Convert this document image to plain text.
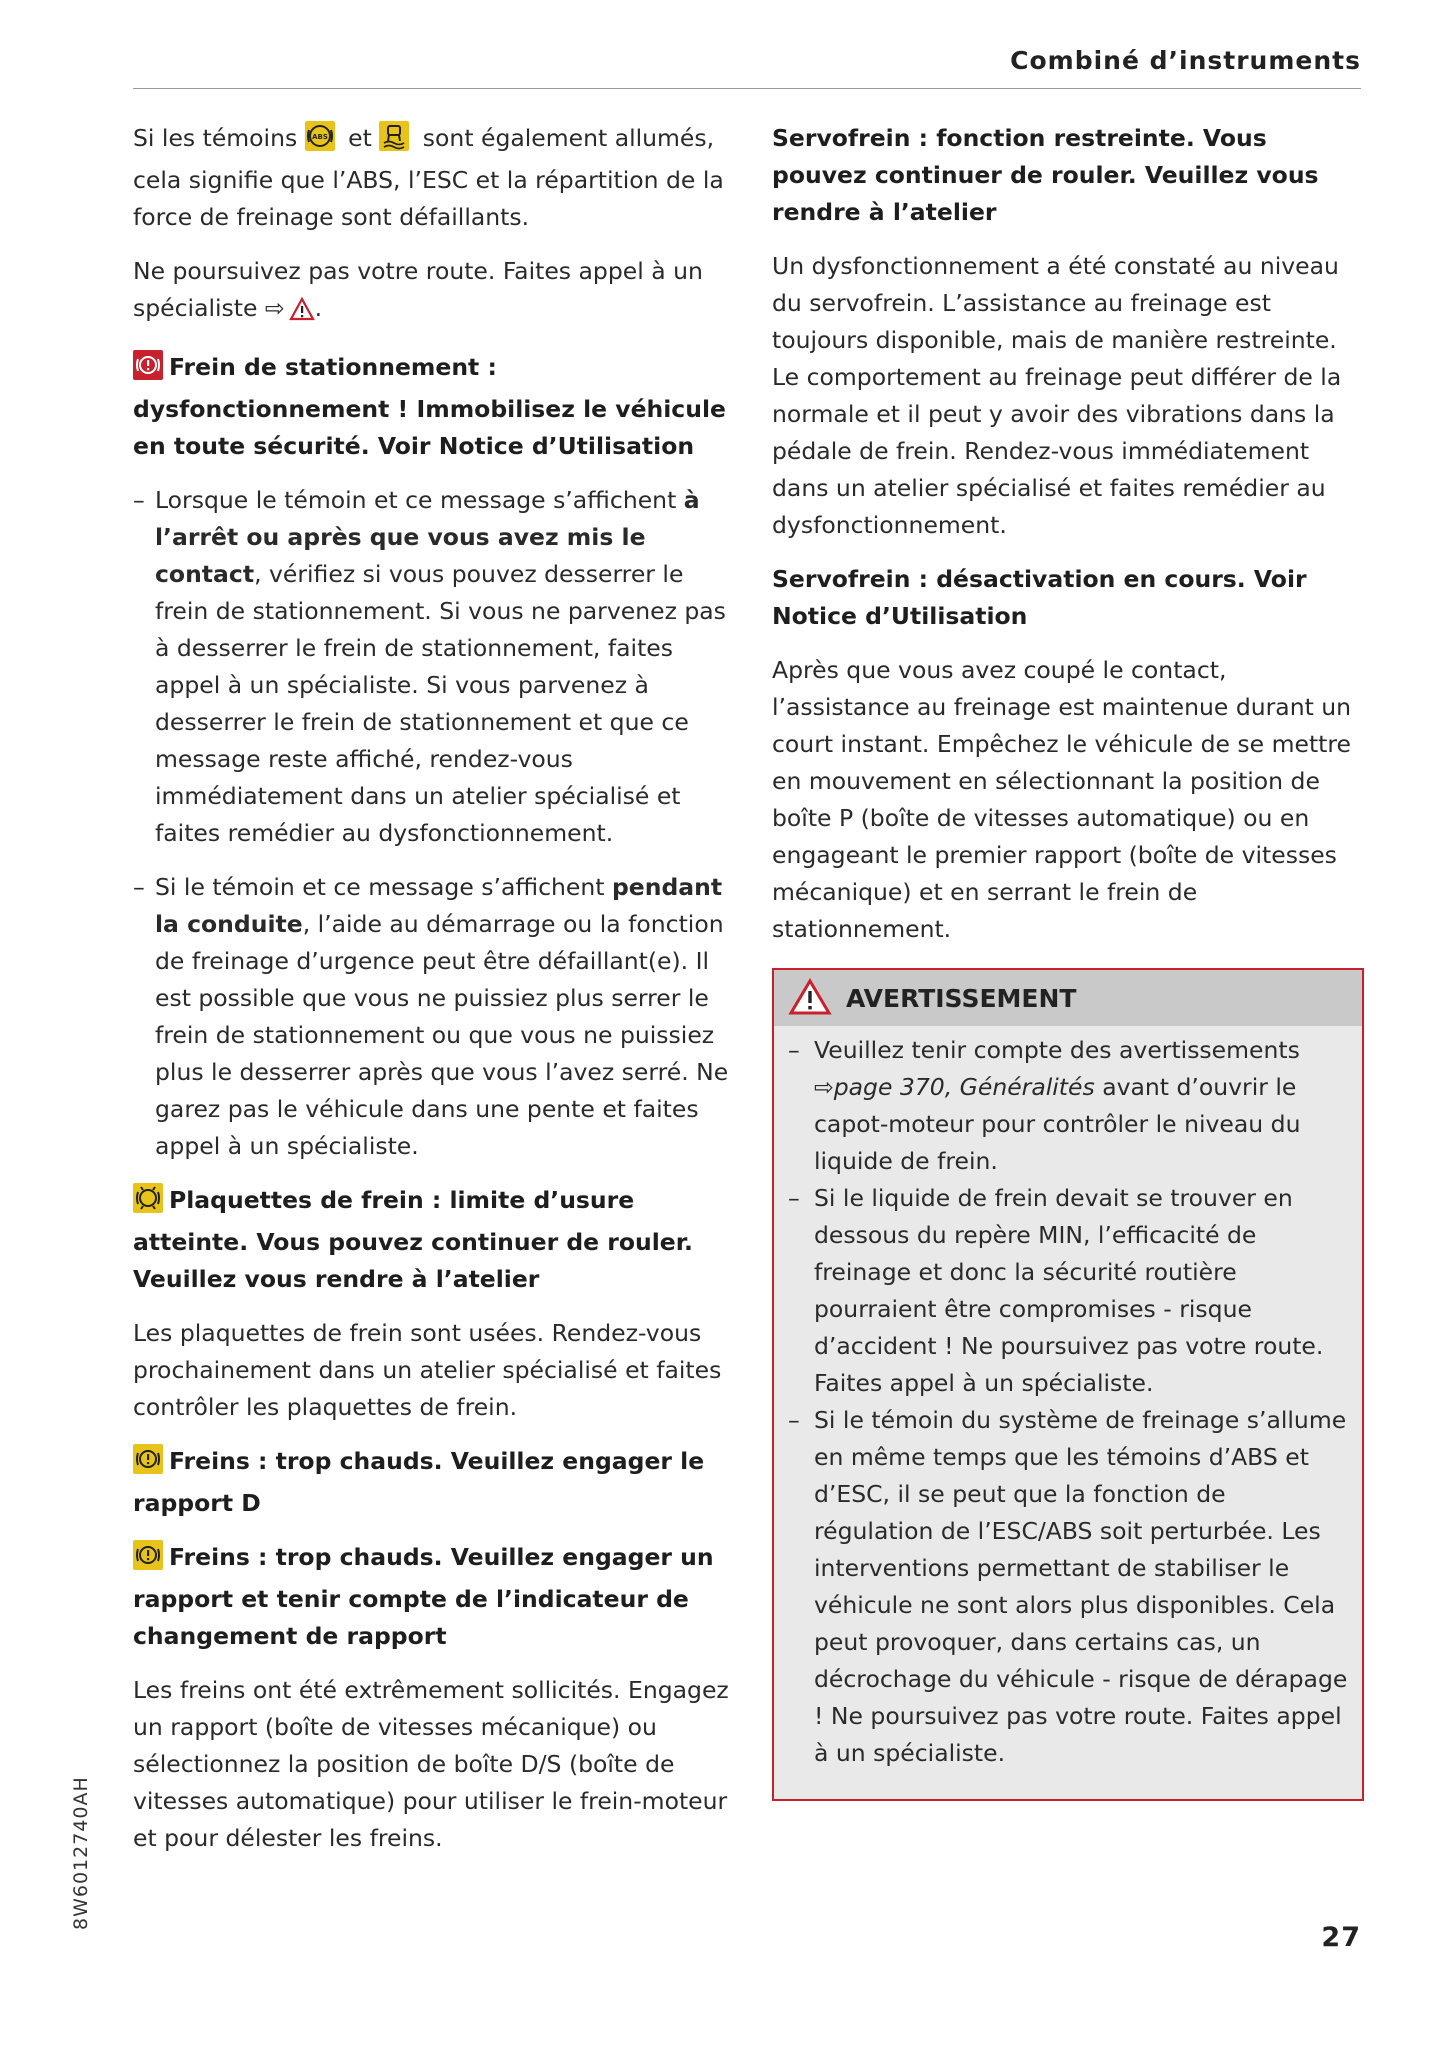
Combiné d’instruments

Si les témoins ABS et  sont également allumés, cela signifie que l’ABS, l’ESC et la répartition de la force de freinage sont défaillants.

Ne poursuivez pas votre route. Faites appel à un spécialiste ⇨ .

Frein de stationnement : dysfonctionnement ! Immobilisez le véhicule en toute sécurité. Voir Notice d’Utilisation

– Lorsque le témoin et ce message s’affichent à l’arrêt ou après que vous avez mis le contact, vérifiez si vous pouvez desserrer le frein de stationnement. Si vous ne parvenez pas à desserrer le frein de stationnement, faites appel à un spécialiste. Si vous parvenez à desserrer le frein de stationnement et que ce message reste affiché, rendez-vous immédiatement dans un atelier spécialisé et faites remédier au dysfonctionnement.
– Si le témoin et ce message s’affichent pendant la conduite, l’aide au démarrage ou la fonction de freinage d’urgence peut être défaillant(e). Il est possible que vous ne puissiez plus serrer le frein de stationnement ou que vous ne puissiez plus le desserrer après que vous l’avez serré. Ne garez pas le véhicule dans une pente et faites appel à un spécialiste.

Plaquettes de frein : limite d’usure atteinte. Vous pouvez continuer de rouler. Veuillez vous rendre à l’atelier

Les plaquettes de frein sont usées. Rendez-vous prochainement dans un atelier spécialisé et faites contrôler les plaquettes de frein.

Freins : trop chauds. Veuillez engager le rapport D

Freins : trop chauds. Veuillez engager un rapport et tenir compte de l’indicateur de changement de rapport

Les freins ont été extrêmement sollicités. Engagez un rapport (boîte de vitesses mécanique) ou sélectionnez la position de boîte D/S (boîte de vitesses automatique) pour utiliser le frein-moteur et pour délester les freins.

Servofrein : fonction restreinte. Vous pouvez continuer de rouler. Veuillez vous rendre à l’atelier

Un dysfonctionnement a été constaté au niveau du servofrein. L’assistance au freinage est toujours disponible, mais de manière restreinte. Le comportement au freinage peut différer de la normale et il peut y avoir des vibrations dans la pédale de frein. Rendez-vous immédiatement dans un atelier spécialisé et faites remédier au dysfonctionnement.

Servofrein : désactivation en cours. Voir Notice d’Utilisation

Après que vous avez coupé le contact, l’assistance au freinage est maintenue durant un court instant. Empêchez le véhicule de se mettre en mouvement en sélectionnant la position de boîte P (boîte de vitesses automatique) ou en engageant le premier rapport (boîte de vitesses mécanique) et en serrant le frein de stationnement.

AVERTISSEMENT
– Veuillez tenir compte des avertissements ⇨page 370, Généralités avant d’ouvrir le capot-moteur pour contrôler le niveau du liquide de frein.
– Si le liquide de frein devait se trouver en dessous du repère MIN, l’efficacité de freinage et donc la sécurité routière pourraient être compromises - risque d’accident ! Ne poursuivez pas votre route. Faites appel à un spécialiste.
– Si le témoin du système de freinage s’allume en même temps que les témoins d’ABS et d’ESC, il se peut que la fonction de régulation de l’ESC/ABS soit perturbée. Les interventions permettant de stabiliser le véhicule ne sont alors plus disponibles. Cela peut provoquer, dans certains cas, un décrochage du véhicule - risque de dérapage ! Ne poursuivez pas votre route. Faites appel à un spécialiste.
8W6012740AH
27
